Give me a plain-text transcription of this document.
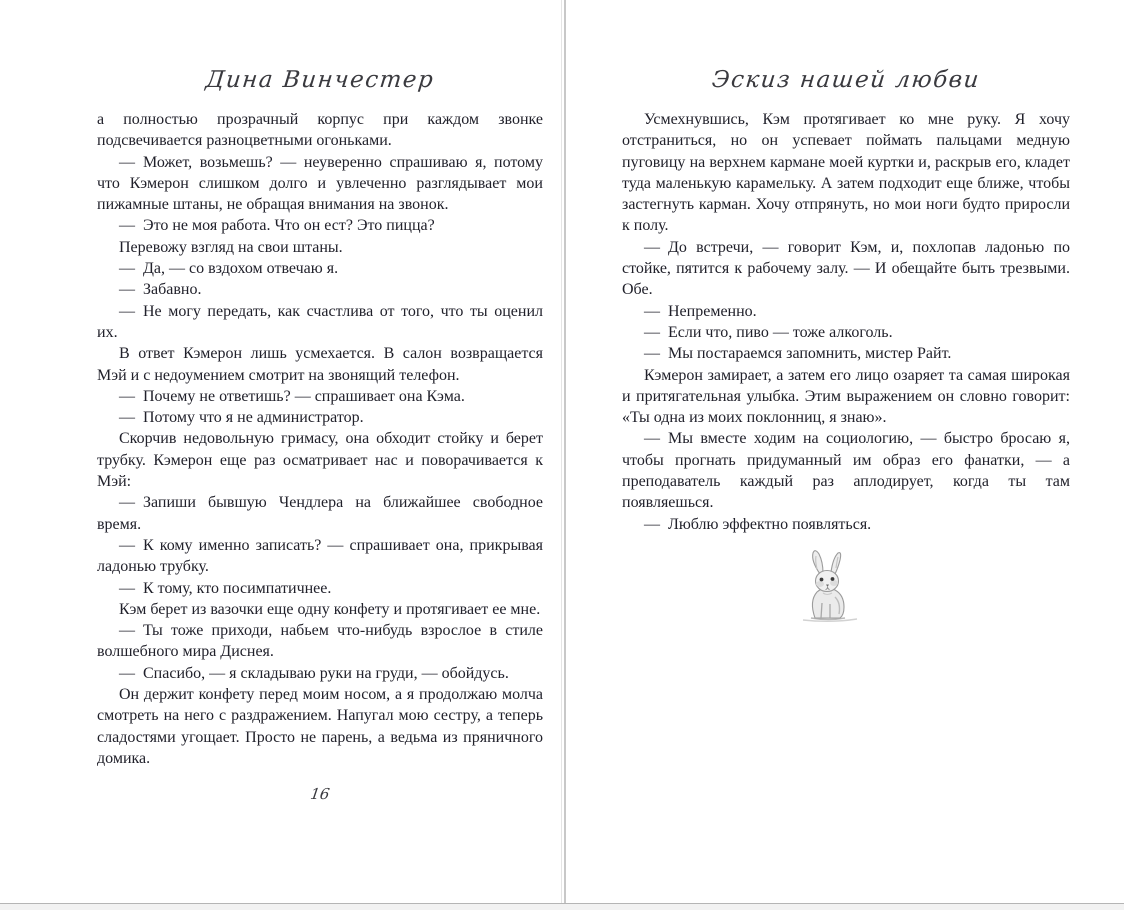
Дина Винчестер
а полностью прозрачный корпус при каждом звонке подсвечивается разноцветными огоньками.
— Может, возьмешь? — неуверенно спрашиваю я, потому что Кэмерон слишком долго и увлеченно разглядывает мои пижамные штаны, не обращая внимания на звонок.
— Это не моя работа. Что он ест? Это пицца?
Перевожу взгляд на свои штаны.
— Да, — со вздохом отвечаю я.
— Забавно.
— Не могу передать, как счастлива от того, что ты оценил их.
В ответ Кэмерон лишь усмехается. В салон возвращается Мэй и с недоумением смотрит на звонящий телефон.
— Почему не ответишь? — спрашивает она Кэма.
— Потому что я не администратор.
Скорчив недовольную гримасу, она обходит стойку и берет трубку. Кэмерон еще раз осматривает нас и поворачивается к Мэй:
— Запиши бывшую Чендлера на ближайшее свободное время.
— К кому именно записать? — спрашивает она, прикрывая ладонью трубку.
— К тому, кто посимпатичнее.
Кэм берет из вазочки еще одну конфету и протягивает ее мне.
— Ты тоже приходи, набьем что-нибудь взрослое в стиле волшебного мира Диснея.
— Спасибо, — я складываю руки на груди, — обойдусь.
Он держит конфету перед моим носом, а я продолжаю молча смотреть на него с раздражением. Напугал мою сестру, а теперь сладостями угощает. Просто не парень, а ведьма из пряничного домика.
16
Эскиз нашей любви
Усмехнувшись, Кэм протягивает ко мне руку. Я хочу отстраниться, но он успевает поймать пальцами медную пуговицу на верхнем кармане моей куртки и, раскрыв его, кладет туда маленькую карамельку. А затем подходит еще ближе, чтобы застегнуть карман. Хочу отпрянуть, но мои ноги будто приросли к полу.
— До встречи, — говорит Кэм, и, похлопав ладонью по стойке, пятится к рабочему залу. — И обещайте быть трезвыми. Обе.
— Непременно.
— Если что, пиво — тоже алкоголь.
— Мы постараемся запомнить, мистер Райт.
Кэмерон замирает, а затем его лицо озаряет та самая широкая и притягательная улыбка. Этим выражением он словно говорит: «Ты одна из моих поклонниц, я знаю».
— Мы вместе ходим на социологию, — быстро бросаю я, чтобы прогнать придуманный им образ его фанатки, — а преподаватель каждый раз аплодирует, когда ты там появляешься.
— Люблю эффектно появляться.
